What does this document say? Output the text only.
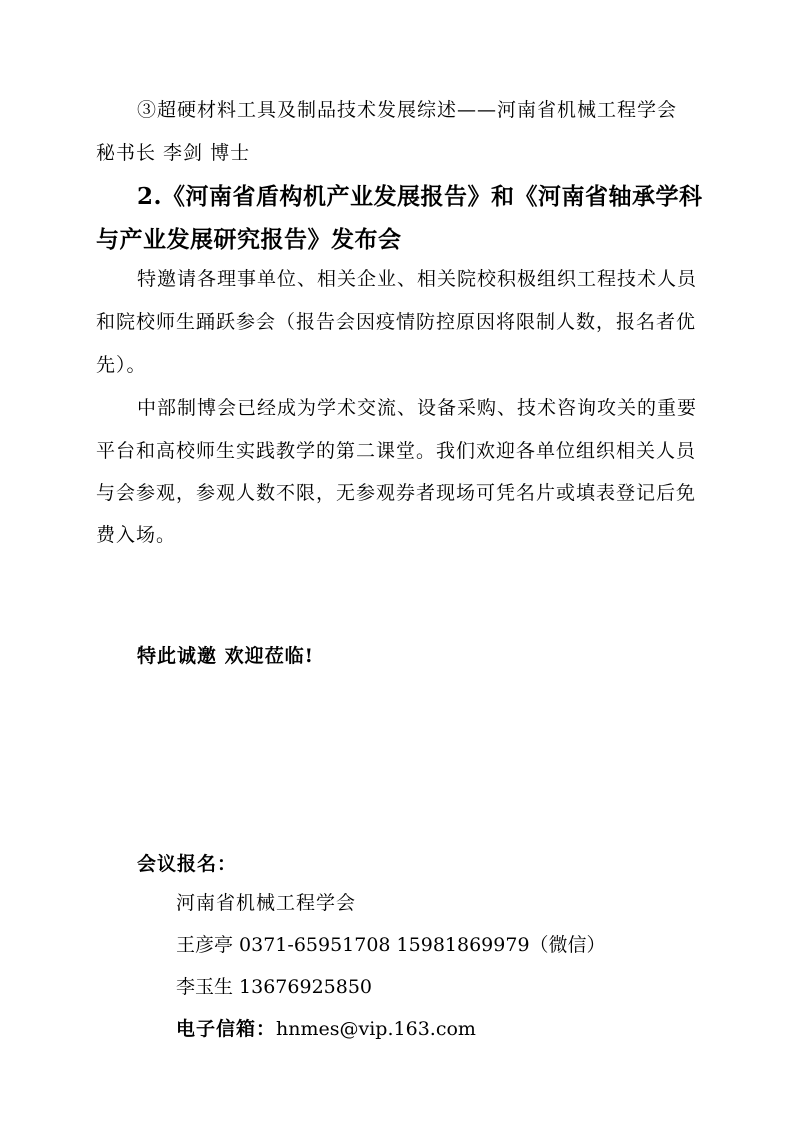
③超硬材料工具及制品技术发展综述——河南省机械工程学会
秘书长 李剑 博士
2.《河南省盾构机产业发展报告》和《河南省轴承学科
与产业发展研究报告》发布会
特邀请各理事单位、相关企业、相关院校积极组织工程技术人员
和院校师生踊跃参会（报告会因疫情防控原因将限制人数，报名者优
先）。
中部制博会已经成为学术交流、设备采购、技术咨询攻关的重要
平台和高校师生实践教学的第二课堂。我们欢迎各单位组织相关人员
与会参观，参观人数不限，无参观券者现场可凭名片或填表登记后免
费入场。
特此诚邀 欢迎莅临!
会议报名：
河南省机械工程学会
王彦亭 0371-65951708 15981869979（微信）
李玉生 13676925850
电子信箱：hnmes@vip.163.com
